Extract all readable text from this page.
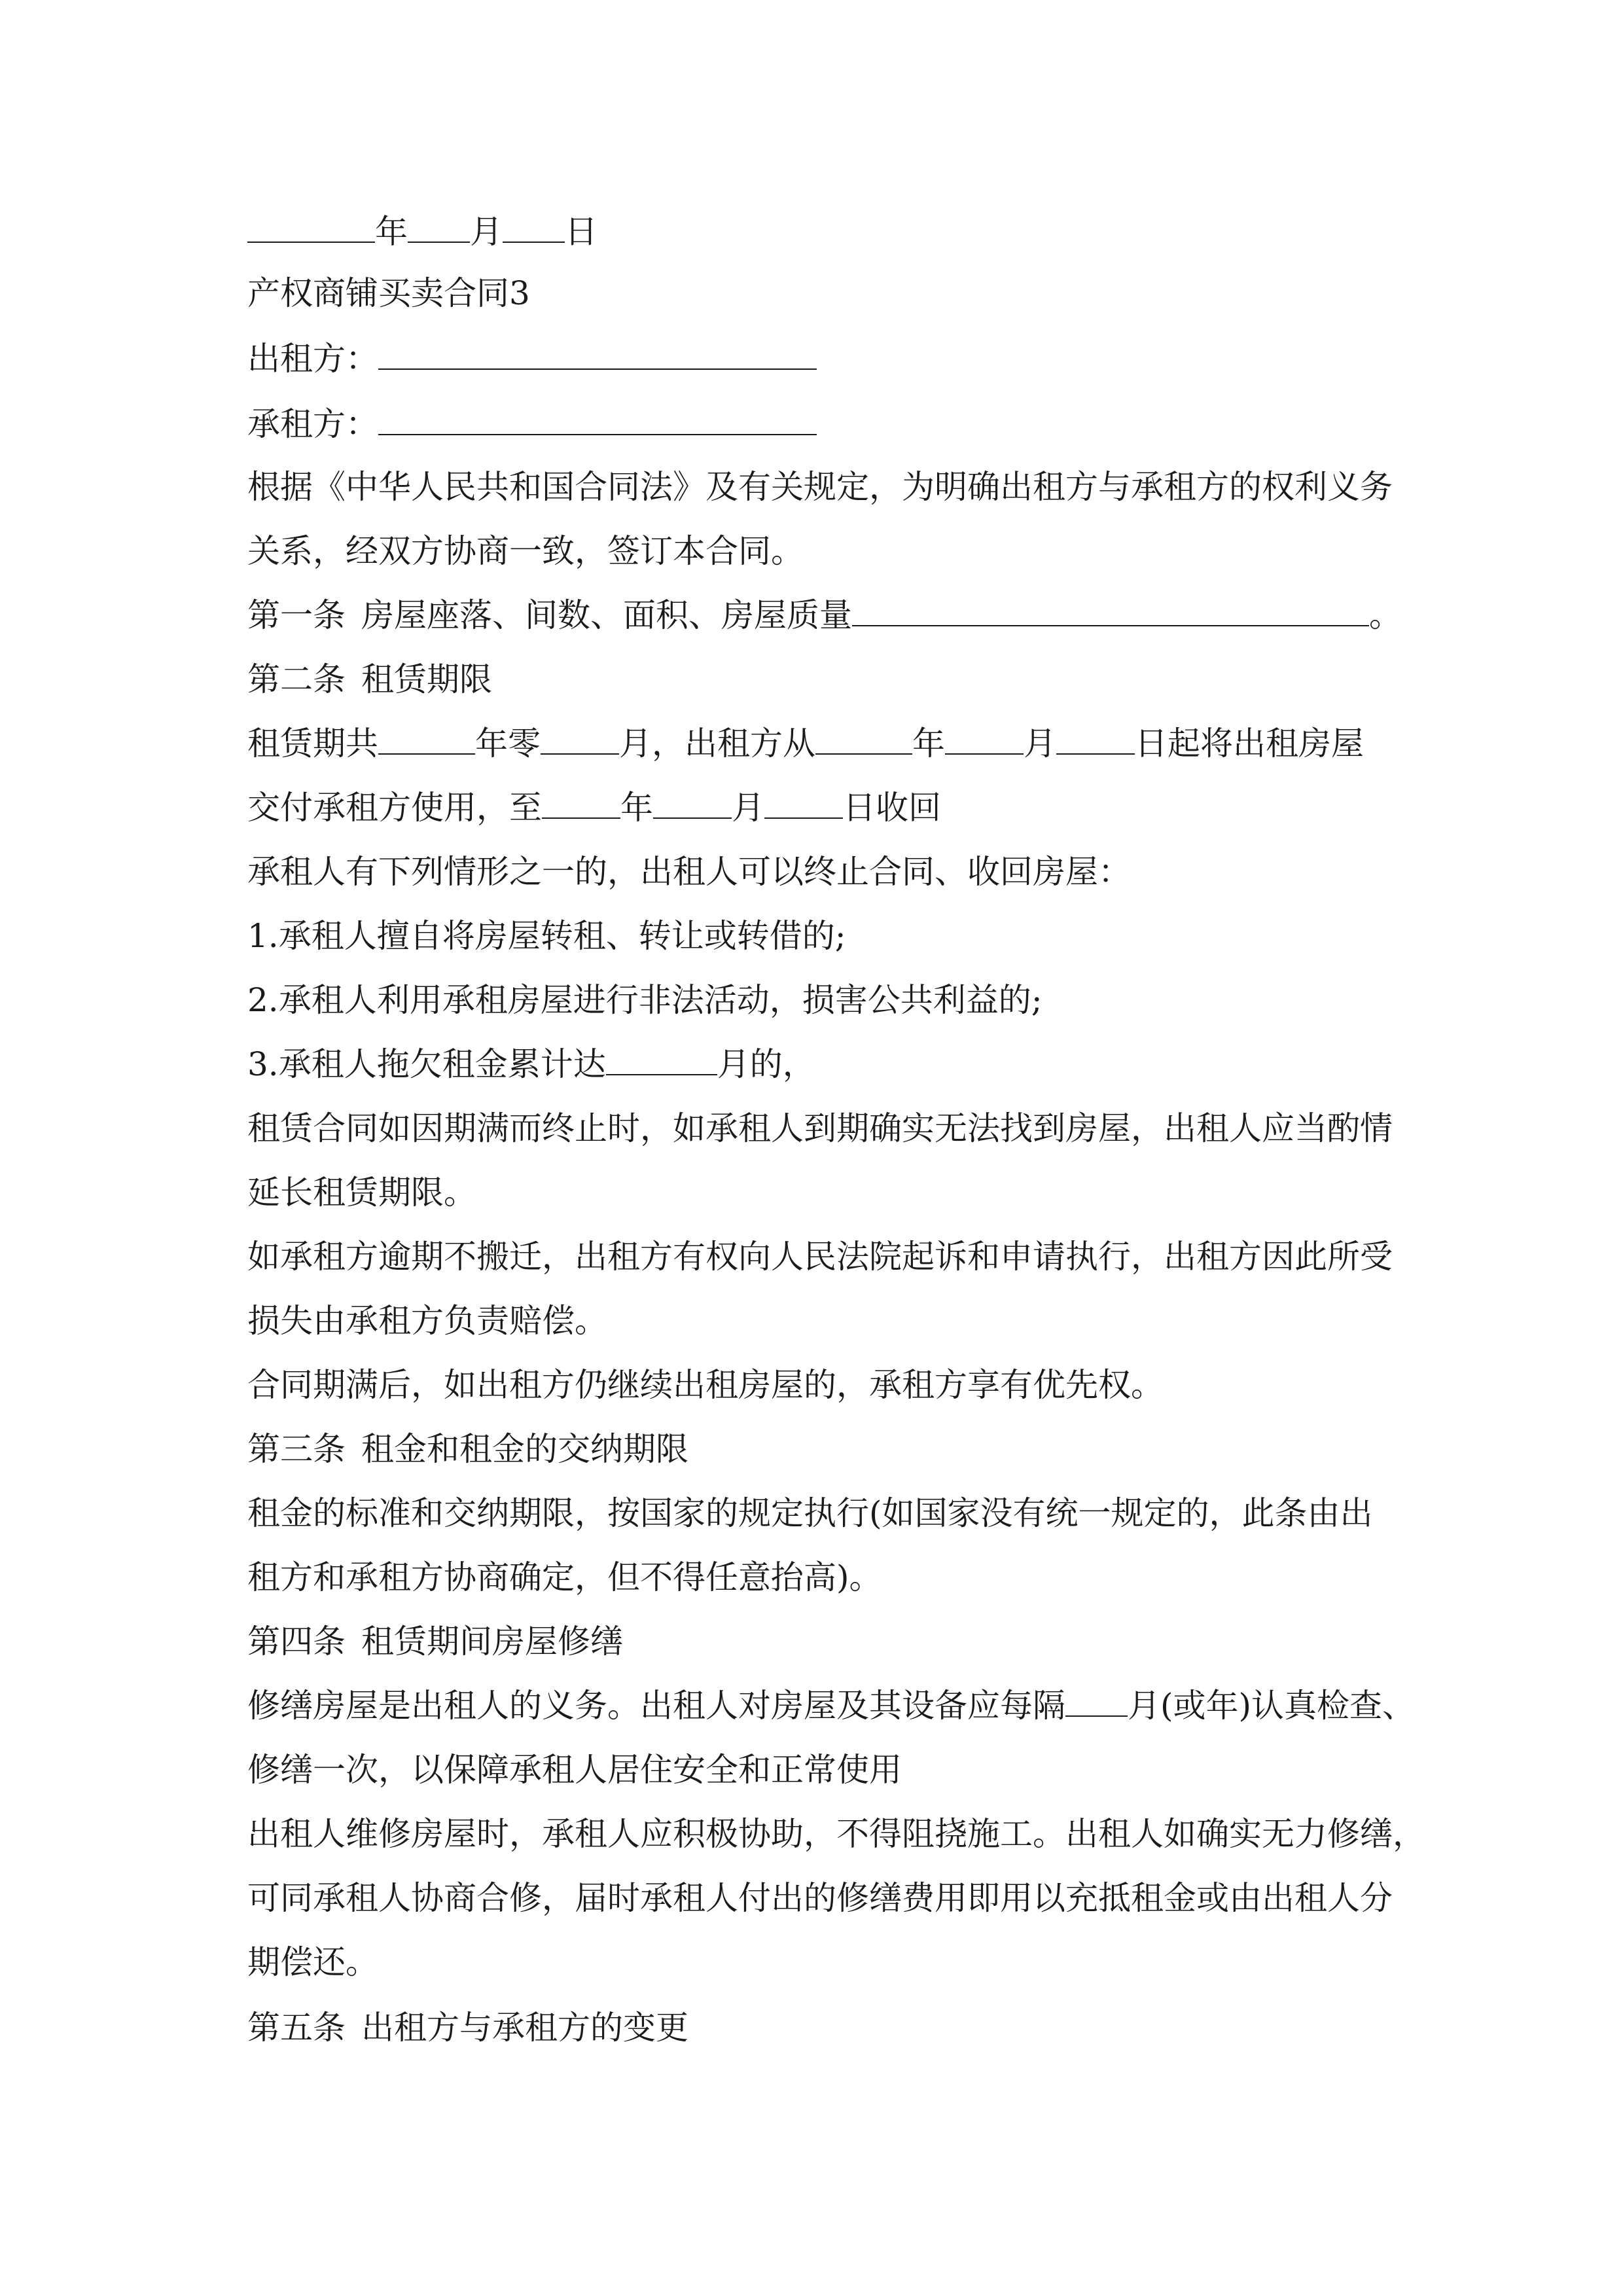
年 月 日

产权商铺买卖合同3

出租方：

承租方：

根据《中华人民共和国合同法》及有关规定，为明确出租方与承租方的权利义务

关系，经双方协商一致，签订本合同。

第一条 房屋座落、间数、面积、房屋质量	。

第二条 租赁期限

租赁期共	年零 月，出租方从	年 月 日起将出租房屋

交付承租方使用，至 年 月 日收回

承租人有下列情形之一的，出租人可以终止合同、收回房屋：

1.承租人擅自将房屋转租、转让或转借的;

2.承租人利用承租房屋进行非法活动，损害公共利益的;

3.承租人拖欠租金累计达	月的，

租赁合同如因期满而终止时，如承租人到期确实无法找到房屋，出租人应当酌情

延长租赁期限。

如承租方逾期不搬迁，出租方有权向人民法院起诉和申请执行，出租方因此所受

损失由承租方负责赔偿。

合同期满后，如出租方仍继续出租房屋的，承租方享有优先权。

第三条 租金和租金的交纳期限

租金的标准和交纳期限，按国家的规定执行(如国家没有统一规定的，此条由出

租方和承租方协商确定，但不得任意抬高)。

第四条 租赁期间房屋修缮

修缮房屋是出租人的义务。出租人对房屋及其设备应每隔 月(或年)认真检查、

修缮一次，以保障承租人居住安全和正常使用

出租人维修房屋时，承租人应积极协助，不得阻挠施工。出租人如确实无力修缮，

可同承租人协商合修，届时承租人付出的修缮费用即用以充抵租金或由出租人分

期偿还。

第五条 出租方与承租方的变更
